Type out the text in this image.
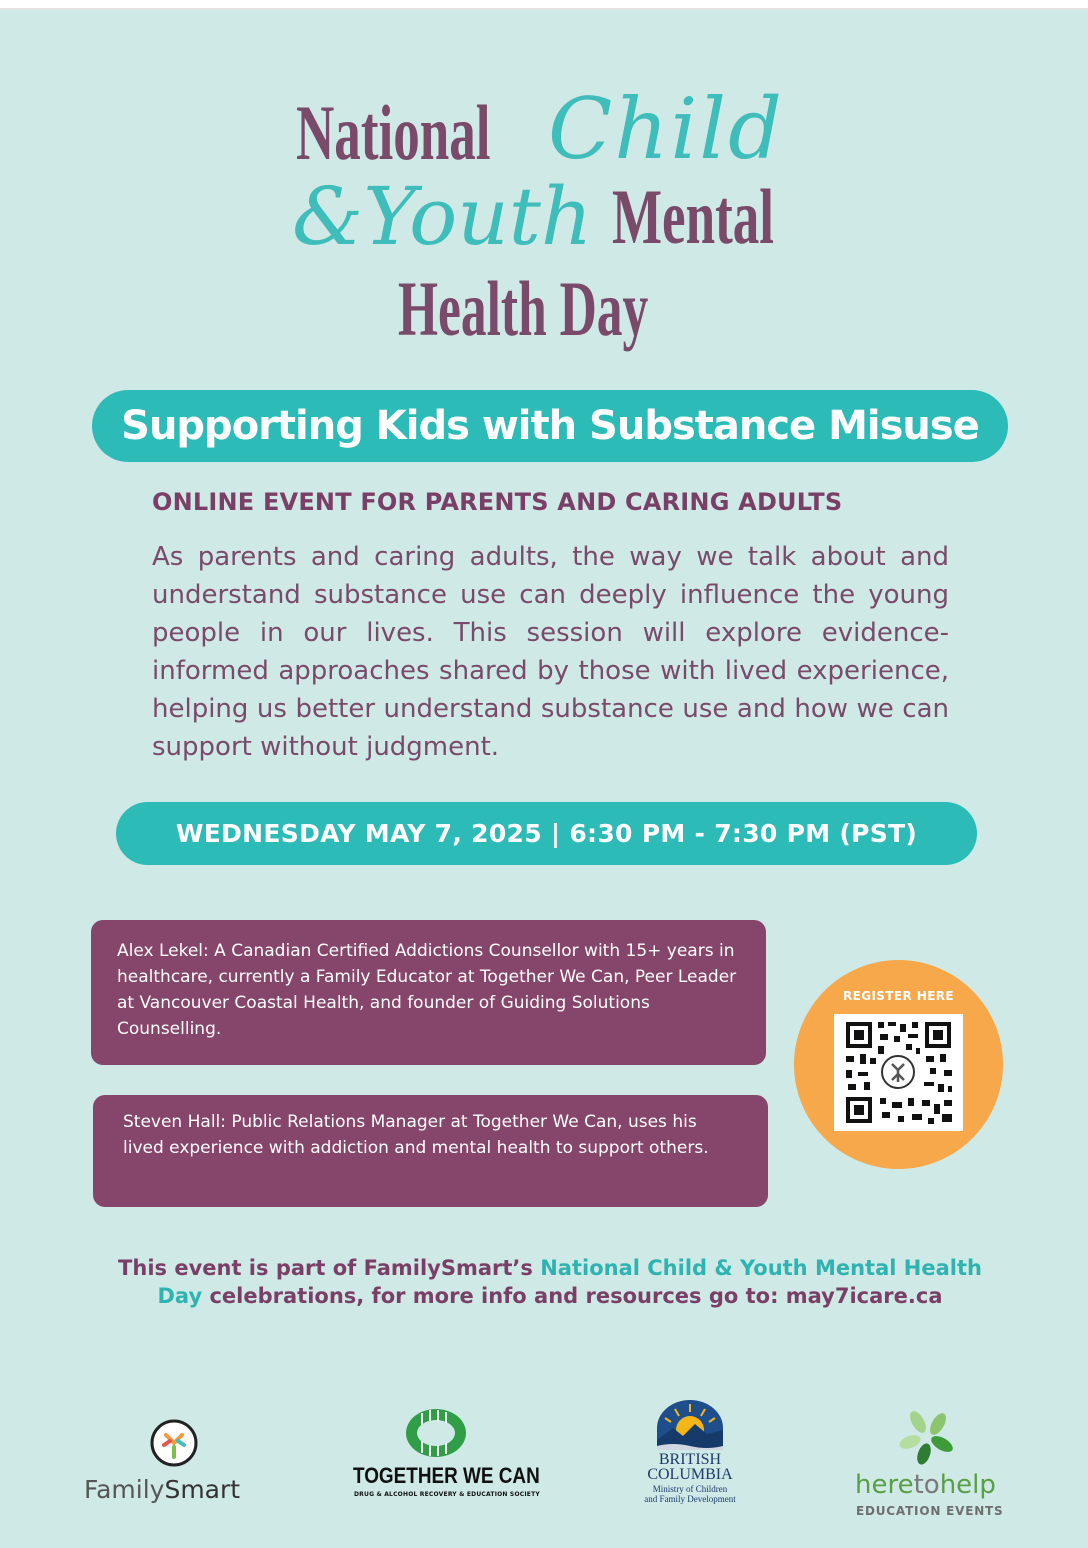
National Child
&Youth Mental
Health Day
Supporting Kids with Substance Misuse
ONLINE EVENT FOR PARENTS AND CARING ADULTS

As parents and caring adults, the way we talk about and understand substance use can deeply influence the young people in our lives. This session will explore evidence-informed approaches shared by those with lived experience, helping us better understand substance use and how we can support without judgment.

WEDNESDAY MAY 7, 2025 | 6:30 PM - 7:30 PM (PST)
Alex Lekel: A Canadian Certified Addictions Counsellor with 15+ years in healthcare, currently a Family Educator at Together We Can, Peer Leader at Vancouver Coastal Health, and founder of Guiding Solutions Counselling.
Steven Hall: Public Relations Manager at Together We Can, uses his lived experience with addiction and mental health to support others.
REGISTER HERE

This event is part of FamilySmart’s National Child & Youth Mental Health Day celebrations, for more info and resources go to: may7icare.ca

FamilySmart	TOGETHER WE CAN
DRUG & ALCOHOL RECOVERY & EDUCATION SOCIETY
BRITISH
COLUMBIA
Ministry of Children
and Family Development	heretohelp
EDUCATION EVENTS
